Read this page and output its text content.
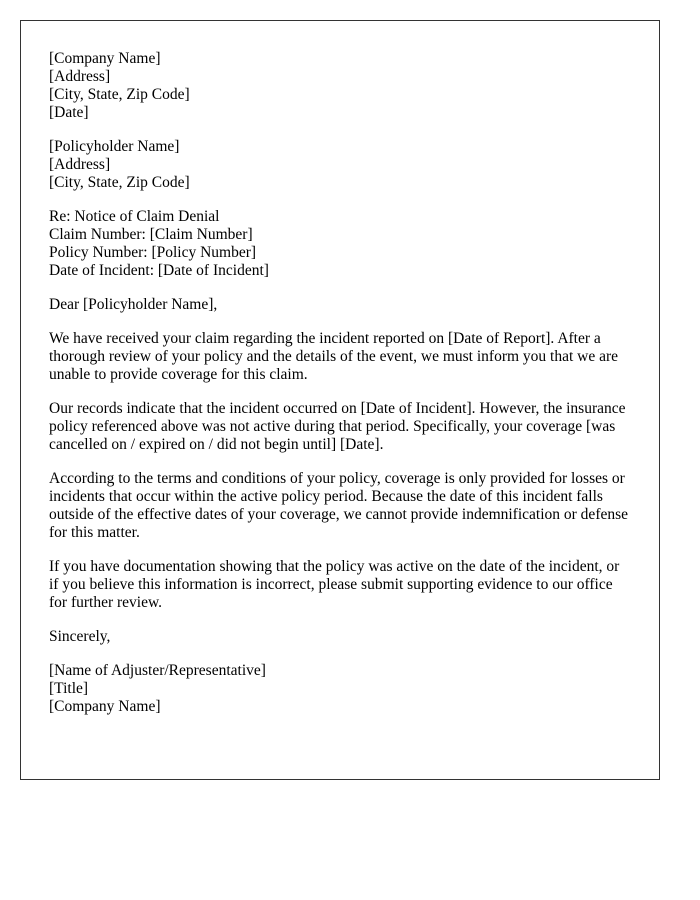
[Company Name]
[Address]
[City, State, Zip Code]
[Date]
[Policyholder Name]
[Address]
[City, State, Zip Code]
Re: Notice of Claim Denial
Claim Number: [Claim Number]
Policy Number: [Policy Number]
Date of Incident: [Date of Incident]

Dear [Policyholder Name],

We have received your claim regarding the incident reported on [Date of Report]. After a thorough review of your policy and the details of the event, we must inform you that we are unable to provide coverage for this claim.

Our records indicate that the incident occurred on [Date of Incident]. However, the insurance policy referenced above was not active during that period. Specifically, your coverage [was cancelled on / expired on / did not begin until] [Date].

According to the terms and conditions of your policy, coverage is only provided for losses or incidents that occur within the active policy period. Because the date of this incident falls outside of the effective dates of your coverage, we cannot provide indemnification or defense for this matter.

If you have documentation showing that the policy was active on the date of the incident, or if you believe this information is incorrect, please submit supporting evidence to our office for further review.

Sincerely,

[Name of Adjuster/Representative]
[Title]
[Company Name]
